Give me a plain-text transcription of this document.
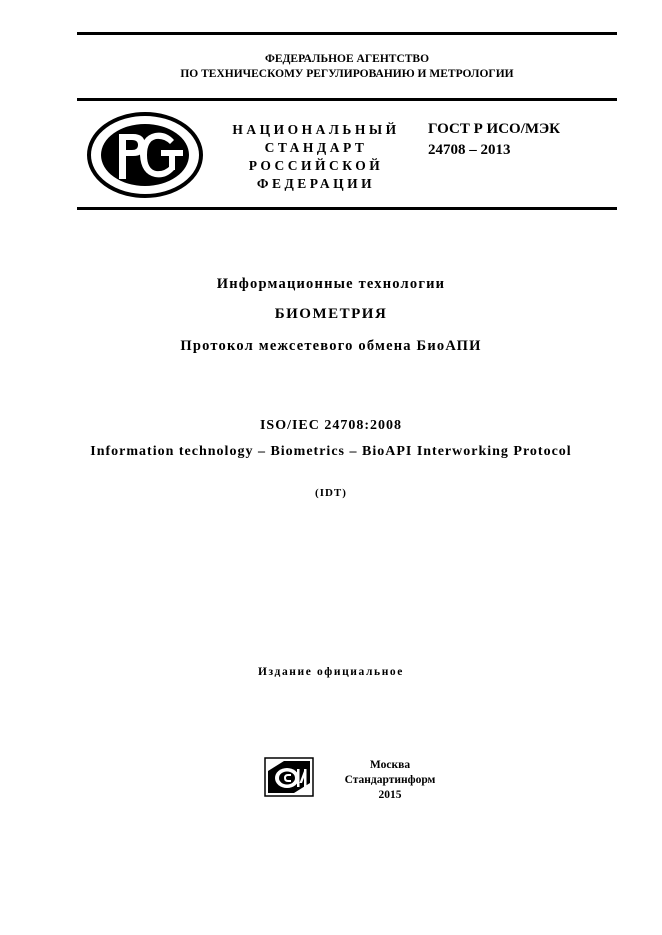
ФЕДЕРАЛЬНОЕ АГЕНТСТВО
ПО ТЕХНИЧЕСКОМУ РЕГУЛИРОВАНИЮ И МЕТРОЛОГИИ
НАЦИОНАЛЬНЫЙ
СТАНДАРТ
РОССИЙСКОЙ
ФЕДЕРАЦИИ
ГОСТ Р ИСО/МЭК
24708 – 2013
Информационные технологии
БИОМЕТРИЯ
Протокол межсетевого обмена БиоАПИ
ISO/IEC 24708:2008
Information technology – Biometrics – BioAPI Interworking Protocol
(IDT)
Издание официальное
Москва
Стандартинформ
2015
